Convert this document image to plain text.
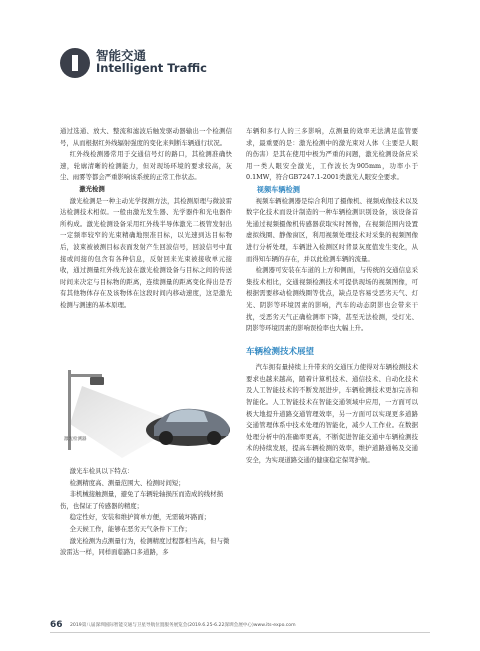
智能交通
Intelligent Traffic

通过选通、放大、整流和滤波后触发驱动器输出一个检测信号，从而根据红外线辐射强度的变化来判断车辆通行状况。

红外线检测器常用于交通信号灯的路口，其检测准确快速，轮廓清晰的检测能力，但对现场环境的要求较高，灰尘、雨雾等都会严重影响该系统的正常工作状态。

激光检测

激光检测是一种主动光学探测方法，其检测原理与微波雷达检测技术相似。一般由激光发生器、光学器件和光电器件所构成。激光检测设备采用红外线半导体激光二极管发射出一定频率较窄的光束精确地照准目标，以光速到达目标物后，波束被被测目标表面发射产生回波信号，回波信号中直接或间接的包含有各种信息，反射回来光束被接收单元接收，通过测量红外线光波在激光检测设备与目标之间的传送时间来决定与目标物的距离，连续测量的距离变化得出是否有其他物体存在及该物体在这段时间内移动速度，这是激光检测与测速的基本原理。

激光检测器

激光车检具以下特点：

检测精度高、测量范围大、检测时间短；

非机械接触测量，避免了车辆轮轴损压而造成的线材损伤，也保证了传感器的精度；

稳定性好，安装和维护简单方便，无需破坏路面；

全天候工作，能够在恶劣天气条件下工作；

激光检测为点测量行为，检测精度过程都相当高，但与微波雷达一样，同样面临路口多道路，多

车辆和多行人的三多影响，点测量的效率无法满足监管要求，最重要的是：激光检测中的激光束对人体（主要是人眼的伤害）是其在使用中极为严重的问题，激光检测设备应采用一类人眼安全激光，工作波长为905mm，功率小于0.1MW，符合GB7247.1-2001类激光人眼安全要求。

视频车辆检测

视频车辆检测器是综合利用了摄像机、视频成像技术以及数字化技术而设计制造的一种车辆检测识别设备，该设备首先通过视频摄像机传感器获取实时图像，在视频范围内设置虚拟线圈、静像窗区，利用视频处理技术对采集的视频图像进行分析处理，车辆进入检测区时背景灰度值发生变化，从而得知车辆的存在，并以此检测车辆的流量。

检测器可安装在车道的上方和侧面，与传统的交通信息采集技术相比，交通视频检测技术可提供现场的视频图像，可根据需要移动检测线圈等优点，缺点是容易受恶劣天气、灯光、阴影等环境因素的影响，汽车的动态阴影也会带来干扰，受恶劣天气正确检测率下降，甚至无法检测，受灯光、阴影等环境因素的影响误检率也大幅上升。

车辆检测技术展望

汽车拥有量持续上升带来的交通压力使得对车辆检测技术要求也越来越高，随着计算机技术、通信技术、自动化技术及人工智能技术的不断发展进步，车辆检测技术更加完善和智能化。人工智能技术在智能交通领域中应用，一方面可以极大地提升道路交通管理效率，另一方面可以实现更多道路交通管理体系中技术处理的智能化，减少人工作业。在数据处理分析中的准确率更高，不断促进智能交通中车辆检测技术的持续发展，提高车辆检测的效率，维护道路通畅及交通安全，为实现道路交通的健康稳定保驾护航。

66 2019第八届深圳国际智能交通与卫星导航位置服务展览会(2019.6.25-6.22深圳会展中心)www.its-expo.com
